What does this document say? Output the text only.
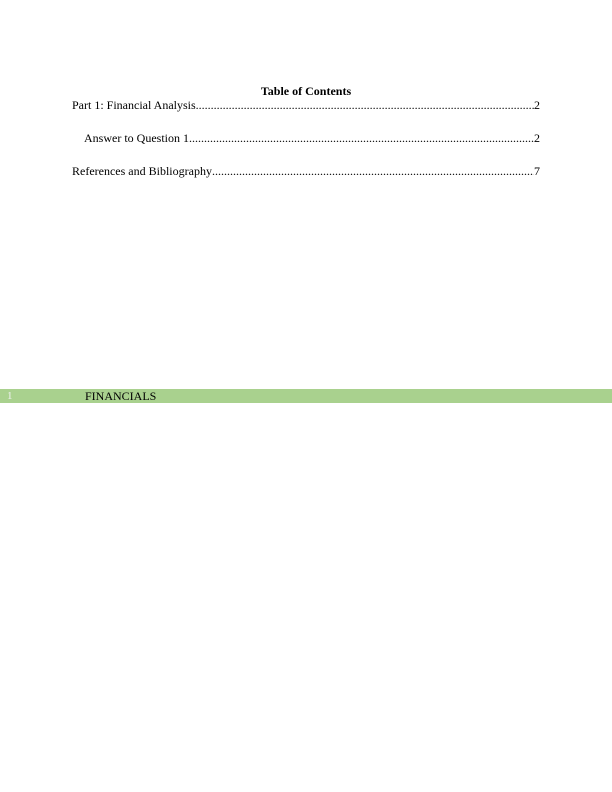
Table of Contents
Part 1: Financial Analysis .....	2
Answer to Question 1 .....	2
References and Bibliography .....	7
1	FINANCIALS
